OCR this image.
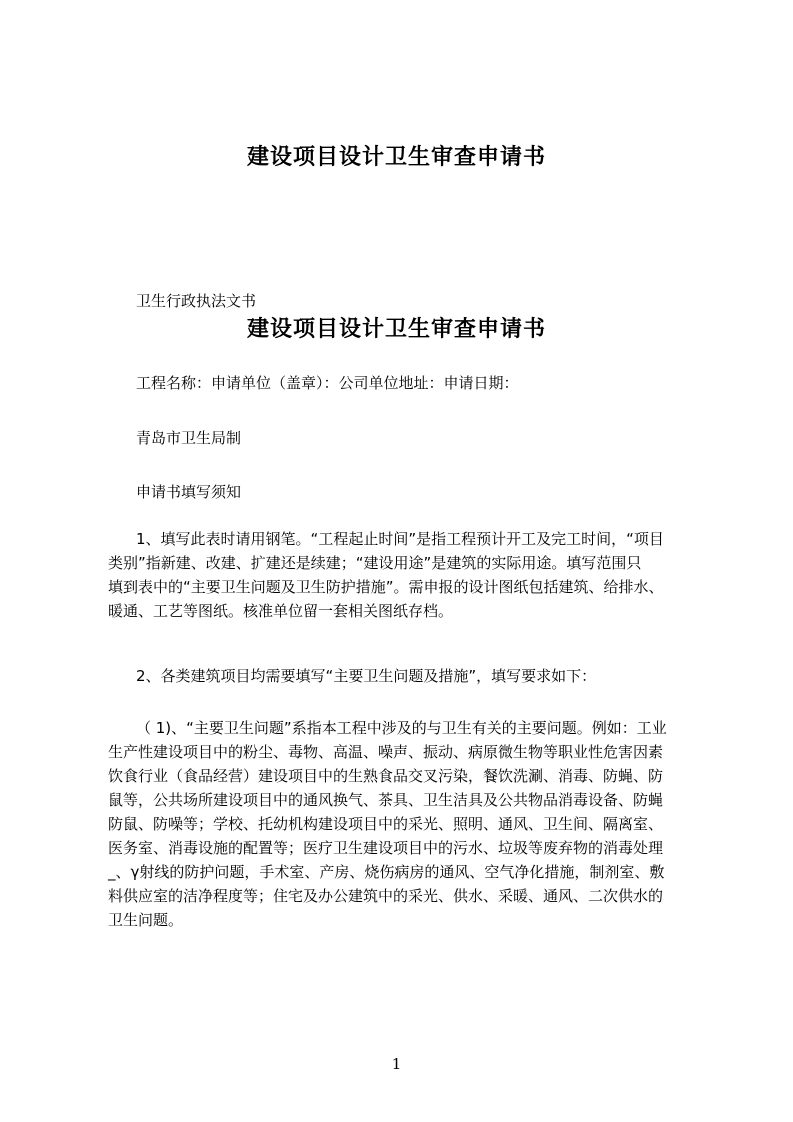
建设项目设计卫生审查申请书
卫生行政执法文书
建设项目设计卫生审查申请书
工程名称：申请单位（盖章）：公司单位地址：申请日期：
青岛市卫生局制
申请书填写须知
1、填写此表时请用钢笔。“工程起止时间”是指工程预计开工及完工时间，“项目
类别”指新建、改建、扩建还是续建；“建设用途”是建筑的实际用途。填写范围只
填到表中的“主要卫生问题及卫生防护措施”。需申报的设计图纸包括建筑、给排水、
暖通、工艺等图纸。核准单位留一套相关图纸存档。
2、各类建筑项目均需要填写“主要卫生问题及措施”，填写要求如下：
（ 1)、“主要卫生问题”系指本工程中涉及的与卫生有关的主要问题。例如：工业
生产性建设项目中的粉尘、毒物、高温、噪声、振动、病原微生物等职业性危害因素
饮食行业（食品经营）建设项目中的生熟食品交叉污染，餐饮洗涮、消毒、防蝇、防
鼠等，公共场所建设项目中的通风换气、茶具、卫生洁具及公共物品消毒设备、防蝇
防鼠、防噪等；学校、托幼机构建设项目中的采光、照明、通风、卫生间、隔离室、
医务室、消毒设施的配置等；医疗卫生建设项目中的污水、垃圾等废弃物的消毒处理
_、γ射线的防护问题，手术室、产房、烧伤病房的通风、空气净化措施，制剂室、敷
料供应室的洁净程度等；住宅及办公建筑中的采光、供水、采暖、通风、二次供水的
卫生问题。
1
